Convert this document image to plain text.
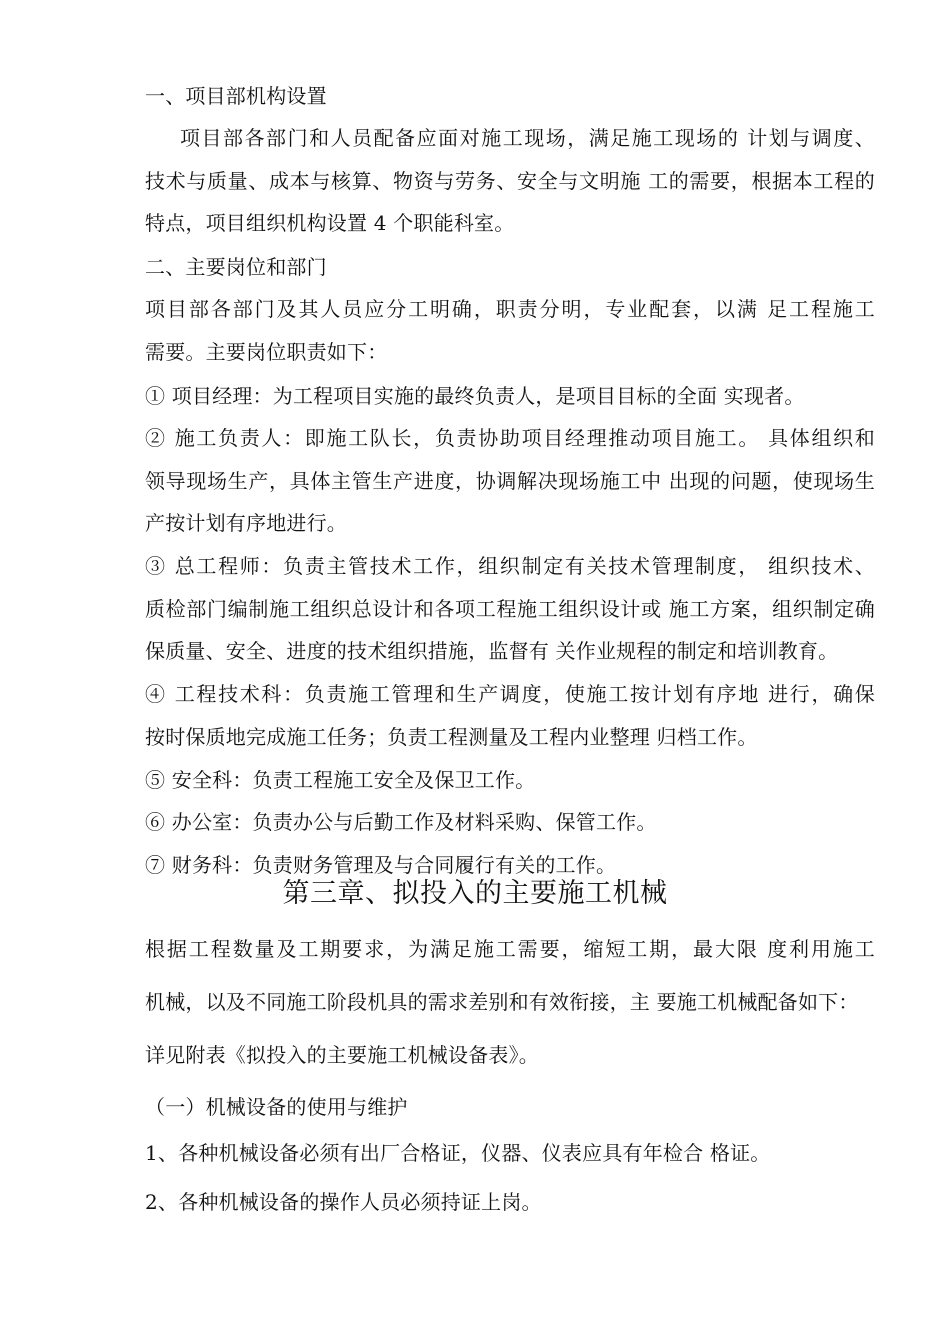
一、项目部机构设置
项目部各部门和人员配备应面对施工现场，满足施工现场的 计划与调度、
技术与质量、成本与核算、物资与劳务、安全与文明施 工的需要，根据本工程的
特点，项目组织机构设置 4 个职能科室。
二、主要岗位和部门
项目部各部门及其人员应分工明确，职责分明，专业配套，以满 足工程施工
需要。主要岗位职责如下：
① 项目经理：为工程项目实施的最终负责人，是项目目标的全面 实现者。
② 施工负责人：即施工队长，负责协助项目经理推动项目施工。 具体组织和
领导现场生产，具体主管生产进度，协调解决现场施工中 出现的问题，使现场生
产按计划有序地进行。
③ 总工程师：负责主管技术工作，组织制定有关技术管理制度， 组织技术、
质检部门编制施工组织总设计和各项工程施工组织设计或 施工方案，组织制定确
保质量、安全、进度的技术组织措施，监督有 关作业规程的制定和培训教育。
④ 工程技术科：负责施工管理和生产调度，使施工按计划有序地 进行，确保
按时保质地完成施工任务；负责工程测量及工程内业整理 归档工作。
⑤ 安全科：负责工程施工安全及保卫工作。
⑥ 办公室：负责办公与后勤工作及材料采购、保管工作。
⑦ 财务科：负责财务管理及与合同履行有关的工作。
第三章、拟投入的主要施工机械
根据工程数量及工期要求，为满足施工需要，缩短工期，最大限 度利用施工
机械，以及不同施工阶段机具的需求差别和有效衔接，主 要施工机械配备如下：
详见附表《拟投入的主要施工机械设备表》。
（一）机械设备的使用与维护
1、各种机械设备必须有出厂合格证，仪器、仪表应具有年检合 格证。
2、各种机械设备的操作人员必须持证上岗。
